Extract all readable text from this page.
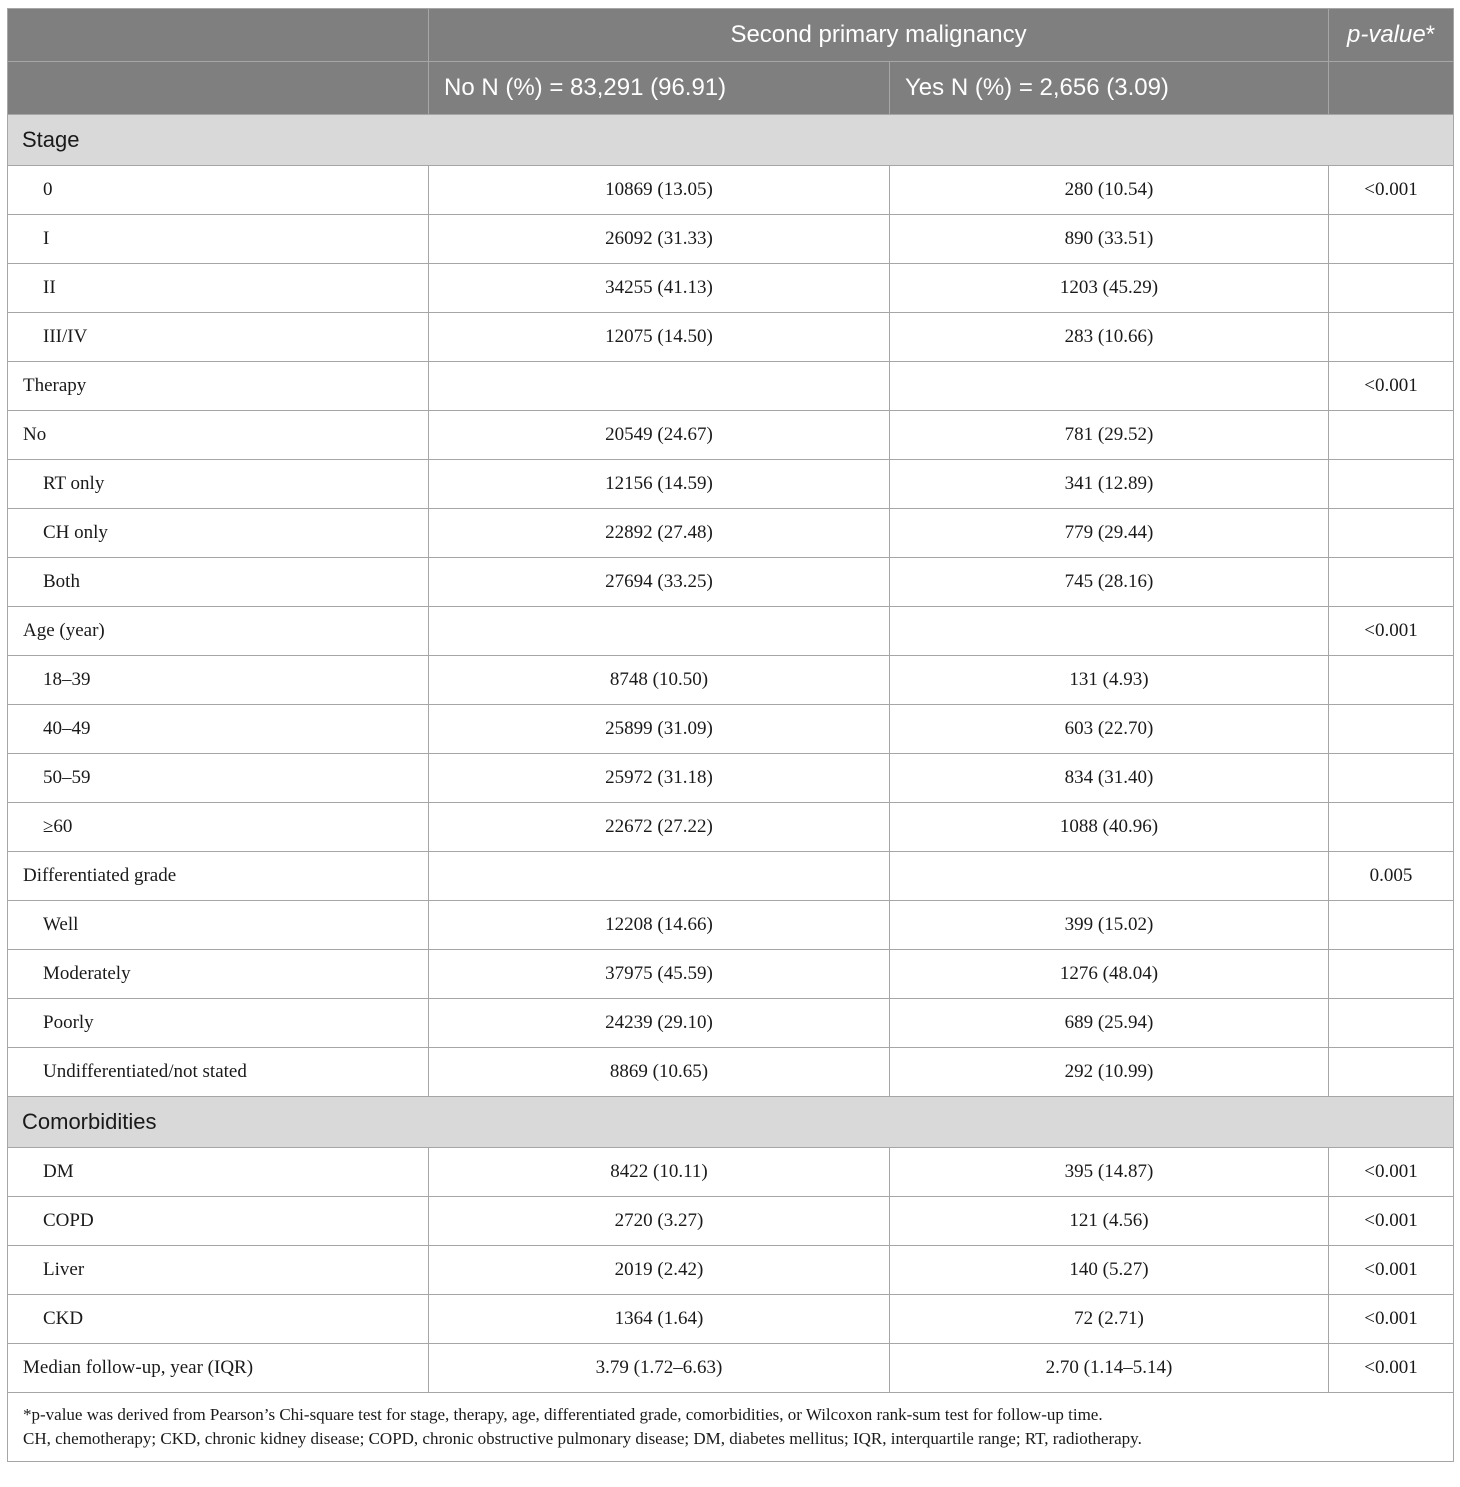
	Second primary malignancy		p-value*
	No N (%) = 83,291 (96.91)	Yes N (%) = 2,656 (3.09)	
Stage			
0	10869 (13.05)	280 (10.54)	<0.001
I	26092 (31.33)	890 (33.51)	
II	34255 (41.13)	1203 (45.29)	
III/IV	12075 (14.50)	283 (10.66)	
Therapy			<0.001
No	20549 (24.67)	781 (29.52)	
RT only	12156 (14.59)	341 (12.89)	
CH only	22892 (27.48)	779 (29.44)	
Both	27694 (33.25)	745 (28.16)	
Age (year)			<0.001
18–39	8748 (10.50)	131 (4.93)	
40–49	25899 (31.09)	603 (22.70)	
50–59	25972 (31.18)	834 (31.40)	
≥60	22672 (27.22)	1088 (40.96)	
Differentiated grade			0.005
Well	12208 (14.66)	399 (15.02)	
Moderately	37975 (45.59)	1276 (48.04)	
Poorly	24239 (29.10)	689 (25.94)	
Undifferentiated/not stated	8869 (10.65)	292 (10.99)	
Comorbidities			
DM	8422 (10.11)	395 (14.87)	<0.001
COPD	2720 (3.27)	121 (4.56)	<0.001
Liver	2019 (2.42)	140 (5.27)	<0.001
CKD	1364 (1.64)	72 (2.71)	<0.001
Median follow-up, year (IQR)	3.79 (1.72–6.63)	2.70 (1.14–5.14)	<0.001

*p-value was derived from Pearson’s Chi-square test for stage, therapy, age, differentiated grade, comorbidities, or Wilcoxon rank-sum test for follow-up time.
CH, chemotherapy; CKD, chronic kidney disease; COPD, chronic obstructive pulmonary disease; DM, diabetes mellitus; IQR, interquartile range; RT, radiotherapy.			
